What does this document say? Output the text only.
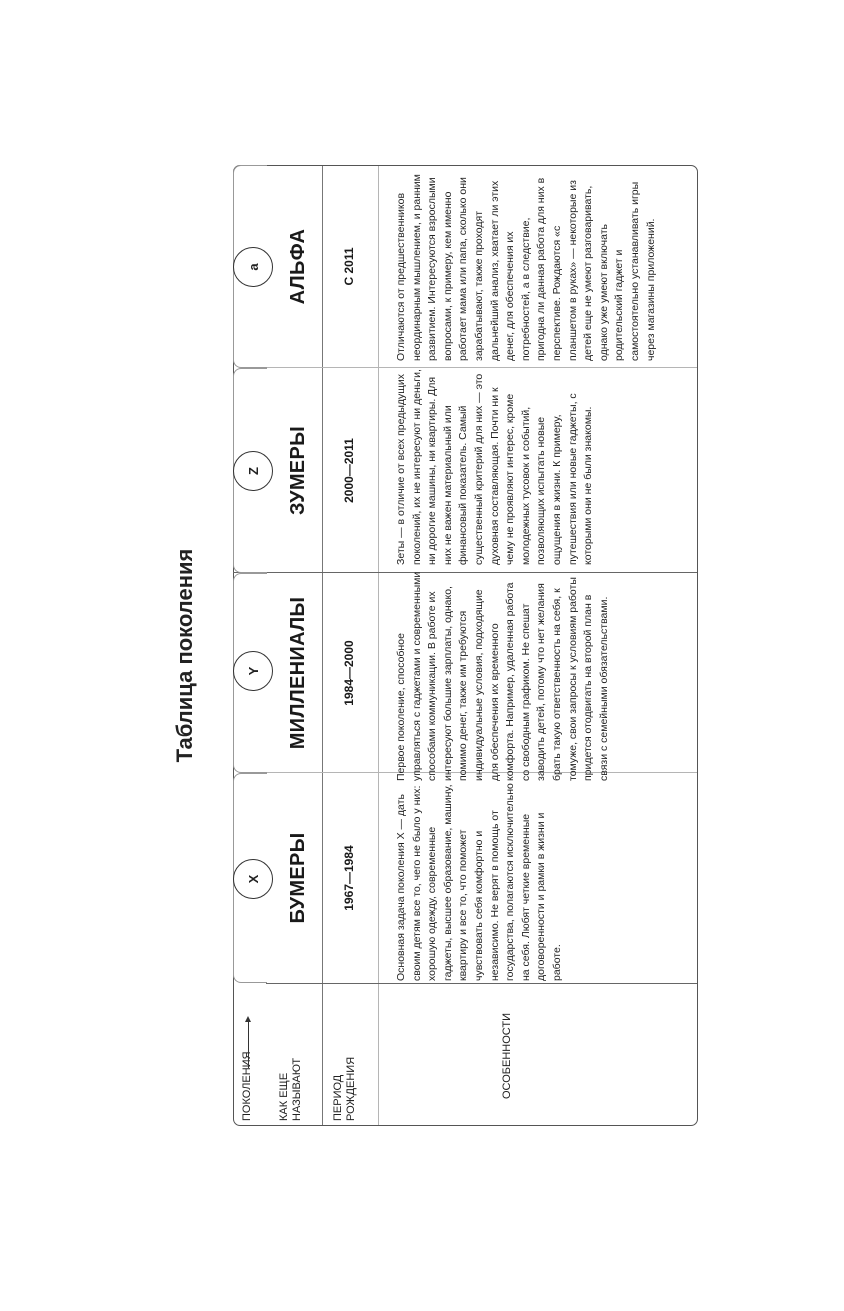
Таблица поколения
ПОКОЛЕНИЯ КАК ЕЩЕ НАЗЫВАЮТ	ПЕРИОД РОЖДЕНИЯ	ОСОБЕННОСТИ
X
Y
Z
a
БУМЕРЫ
МИЛЛЕНИАЛЫ
ЗУМЕРЫ
АЛЬФА
1967—1984
1984—2000
2000—2011
С 2011
Основная задача поколения X — дать своим детям все то, чего не было у них: хорошую одежду, современные гаджеты, высшее образование, машину, квартиру и все то, что поможет чувствовать себя комфортно и независимо. Не верят в помощь от государства, полагаются исключительно на себя. Любят четкие временные договоренности и рамки в жизни и работе.
Первое поколение, способное управляться с гаджетами и современными способами коммуникации. В работе их интересуют большие зарплаты, однако, помимо денег, также им требуются индивидуальные условия, подходящие для обеспечения их временного комфорта. Например, удаленная работа со свободным графиком. Не спешат заводить детей, потому что нет желания брать такую ответственность на себя, к томуже, свои запросы к условиям работы придется отодвигать на второй план в связи с семейными обязательствами.
Зеты — в отличие от всех предыдущих поколений, их не интересуют ни деньги, ни дорогие машины, ни квартиры. Для них не важен материальный или финансовый показатель. Самый существенный критерий для них — это духовная составляющая. Почти ни к чему не проявляют интерес, кроме молодежных тусовок и событий, позволяющих испытать новые ощущения в жизни. К примеру, путешествия или новые гаджеты, с которыми они не были знакомы.
Отличаются от предшественников неординарным мышлением, и ранним развитием. Интересуются взрослыми вопросами, к примеру, кем именно работает мама или папа, сколько они зарабатывают, также проходят дальнейший анализ, хватает ли этих денег, для обеспечения их потребностей, а в следствие, пригодна ли данная работа для них в перспективе. Рождаются «с планшетом в руках» — некоторые из детей еще не умеют разговаривать, однако уже умеют включать родительский гаджет и самостоятельно устанавливать игры через магазины приложений.
